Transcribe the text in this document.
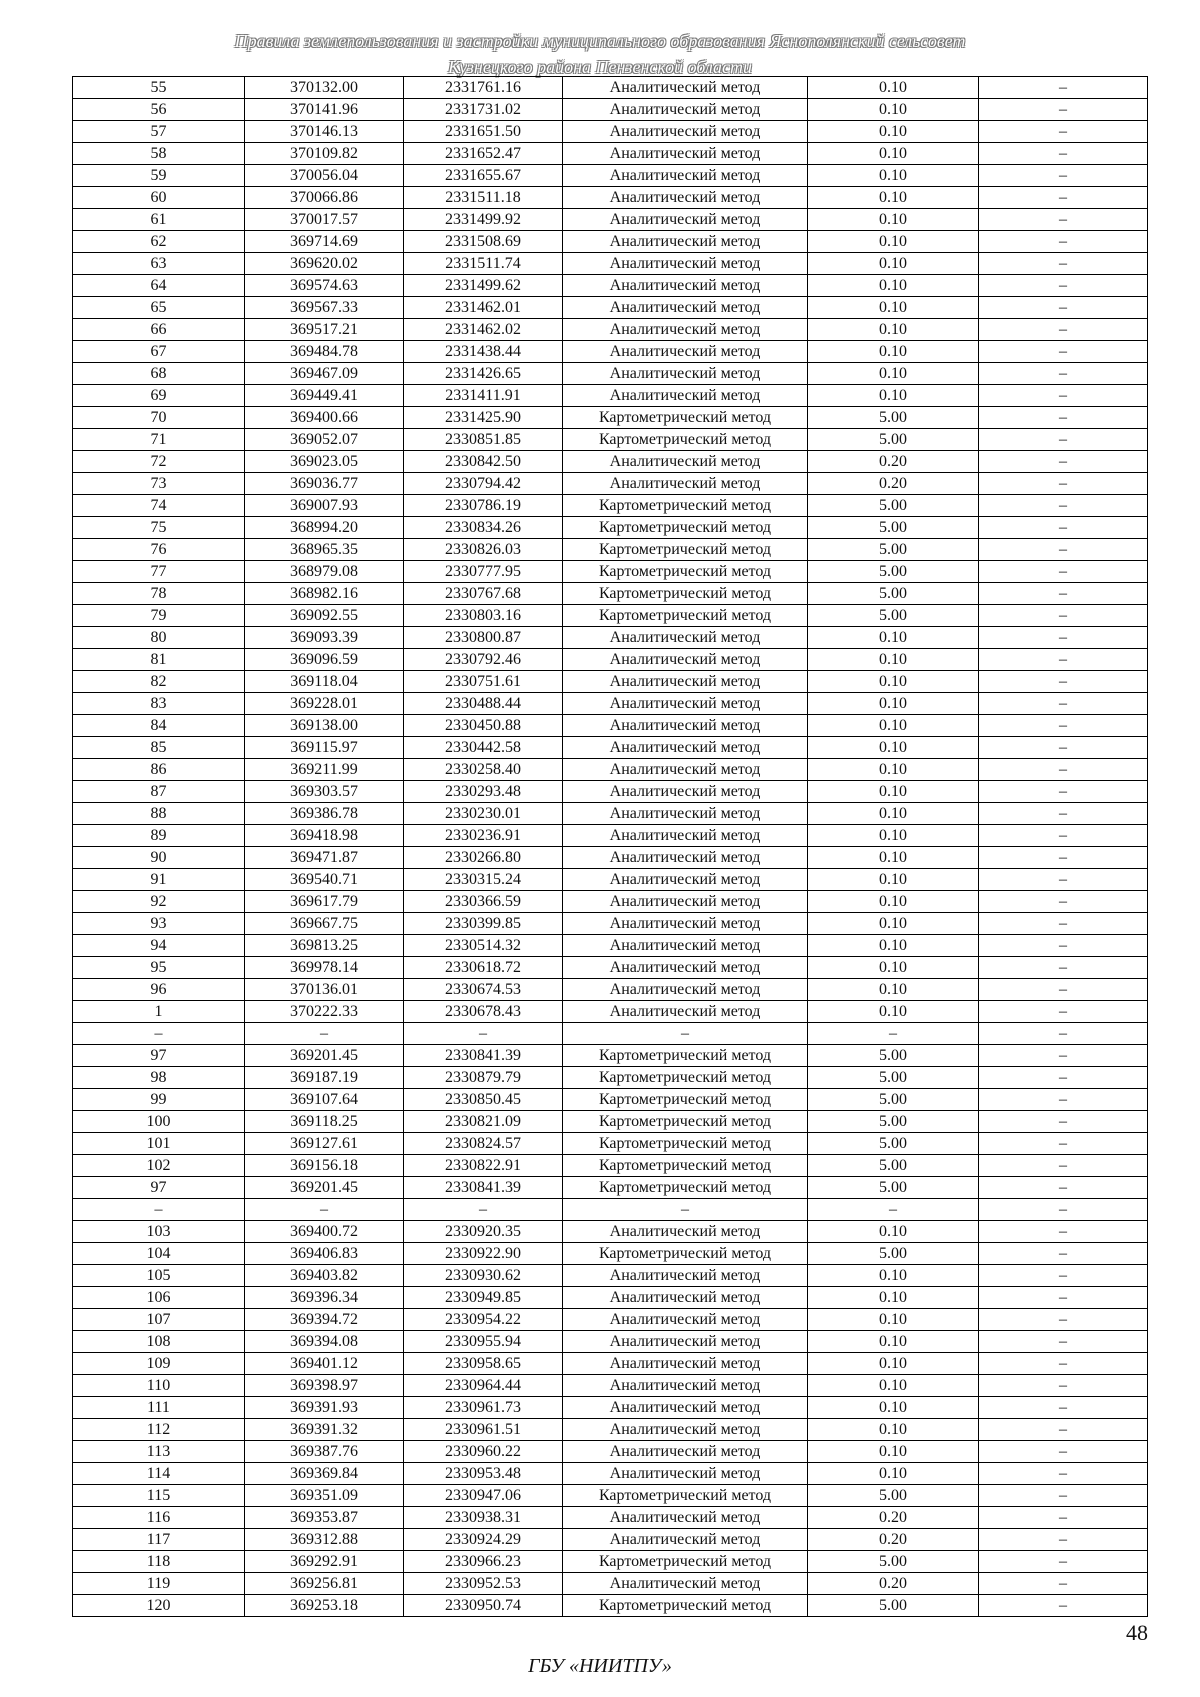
Правила землепользования и застройки муниципального образования Яснополянский сельсовет
Кузнецкого района Пензенской области
55	370132.00	2331761.16	Аналитический метод	0.10	–
56	370141.96	2331731.02	Аналитический метод	0.10	–
57	370146.13	2331651.50	Аналитический метод	0.10	–
58	370109.82	2331652.47	Аналитический метод	0.10	–
59	370056.04	2331655.67	Аналитический метод	0.10	–
60	370066.86	2331511.18	Аналитический метод	0.10	–
61	370017.57	2331499.92	Аналитический метод	0.10	–
62	369714.69	2331508.69	Аналитический метод	0.10	–
63	369620.02	2331511.74	Аналитический метод	0.10	–
64	369574.63	2331499.62	Аналитический метод	0.10	–
65	369567.33	2331462.01	Аналитический метод	0.10	–
66	369517.21	2331462.02	Аналитический метод	0.10	–
67	369484.78	2331438.44	Аналитический метод	0.10	–
68	369467.09	2331426.65	Аналитический метод	0.10	–
69	369449.41	2331411.91	Аналитический метод	0.10	–
70	369400.66	2331425.90	Картометрический метод	5.00	–
71	369052.07	2330851.85	Картометрический метод	5.00	–
72	369023.05	2330842.50	Аналитический метод	0.20	–
73	369036.77	2330794.42	Аналитический метод	0.20	–
74	369007.93	2330786.19	Картометрический метод	5.00	–
75	368994.20	2330834.26	Картометрический метод	5.00	–
76	368965.35	2330826.03	Картометрический метод	5.00	–
77	368979.08	2330777.95	Картометрический метод	5.00	–
78	368982.16	2330767.68	Картометрический метод	5.00	–
79	369092.55	2330803.16	Картометрический метод	5.00	–
80	369093.39	2330800.87	Аналитический метод	0.10	–
81	369096.59	2330792.46	Аналитический метод	0.10	–
82	369118.04	2330751.61	Аналитический метод	0.10	–
83	369228.01	2330488.44	Аналитический метод	0.10	–
84	369138.00	2330450.88	Аналитический метод	0.10	–
85	369115.97	2330442.58	Аналитический метод	0.10	–
86	369211.99	2330258.40	Аналитический метод	0.10	–
87	369303.57	2330293.48	Аналитический метод	0.10	–
88	369386.78	2330230.01	Аналитический метод	0.10	–
89	369418.98	2330236.91	Аналитический метод	0.10	–
90	369471.87	2330266.80	Аналитический метод	0.10	–
91	369540.71	2330315.24	Аналитический метод	0.10	–
92	369617.79	2330366.59	Аналитический метод	0.10	–
93	369667.75	2330399.85	Аналитический метод	0.10	–
94	369813.25	2330514.32	Аналитический метод	0.10	–
95	369978.14	2330618.72	Аналитический метод	0.10	–
96	370136.01	2330674.53	Аналитический метод	0.10	–
1	370222.33	2330678.43	Аналитический метод	0.10	–
–	–	–	–	–	–
97	369201.45	2330841.39	Картометрический метод	5.00	–
98	369187.19	2330879.79	Картометрический метод	5.00	–
99	369107.64	2330850.45	Картометрический метод	5.00	–
100	369118.25	2330821.09	Картометрический метод	5.00	–
101	369127.61	2330824.57	Картометрический метод	5.00	–
102	369156.18	2330822.91	Картометрический метод	5.00	–
97	369201.45	2330841.39	Картометрический метод	5.00	–
–	–	–	–	–	–
103	369400.72	2330920.35	Аналитический метод	0.10	–
104	369406.83	2330922.90	Картометрический метод	5.00	–
105	369403.82	2330930.62	Аналитический метод	0.10	–
106	369396.34	2330949.85	Аналитический метод	0.10	–
107	369394.72	2330954.22	Аналитический метод	0.10	–
108	369394.08	2330955.94	Аналитический метод	0.10	–
109	369401.12	2330958.65	Аналитический метод	0.10	–
110	369398.97	2330964.44	Аналитический метод	0.10	–
111	369391.93	2330961.73	Аналитический метод	0.10	–
112	369391.32	2330961.51	Аналитический метод	0.10	–
113	369387.76	2330960.22	Аналитический метод	0.10	–
114	369369.84	2330953.48	Аналитический метод	0.10	–
115	369351.09	2330947.06	Картометрический метод	5.00	–
116	369353.87	2330938.31	Аналитический метод	0.20	–
117	369312.88	2330924.29	Аналитический метод	0.20	–
118	369292.91	2330966.23	Картометрический метод	5.00	–
119	369256.81	2330952.53	Аналитический метод	0.20	–
120	369253.18	2330950.74	Картометрический метод	5.00	–
48
ГБУ «НИИТПУ»
